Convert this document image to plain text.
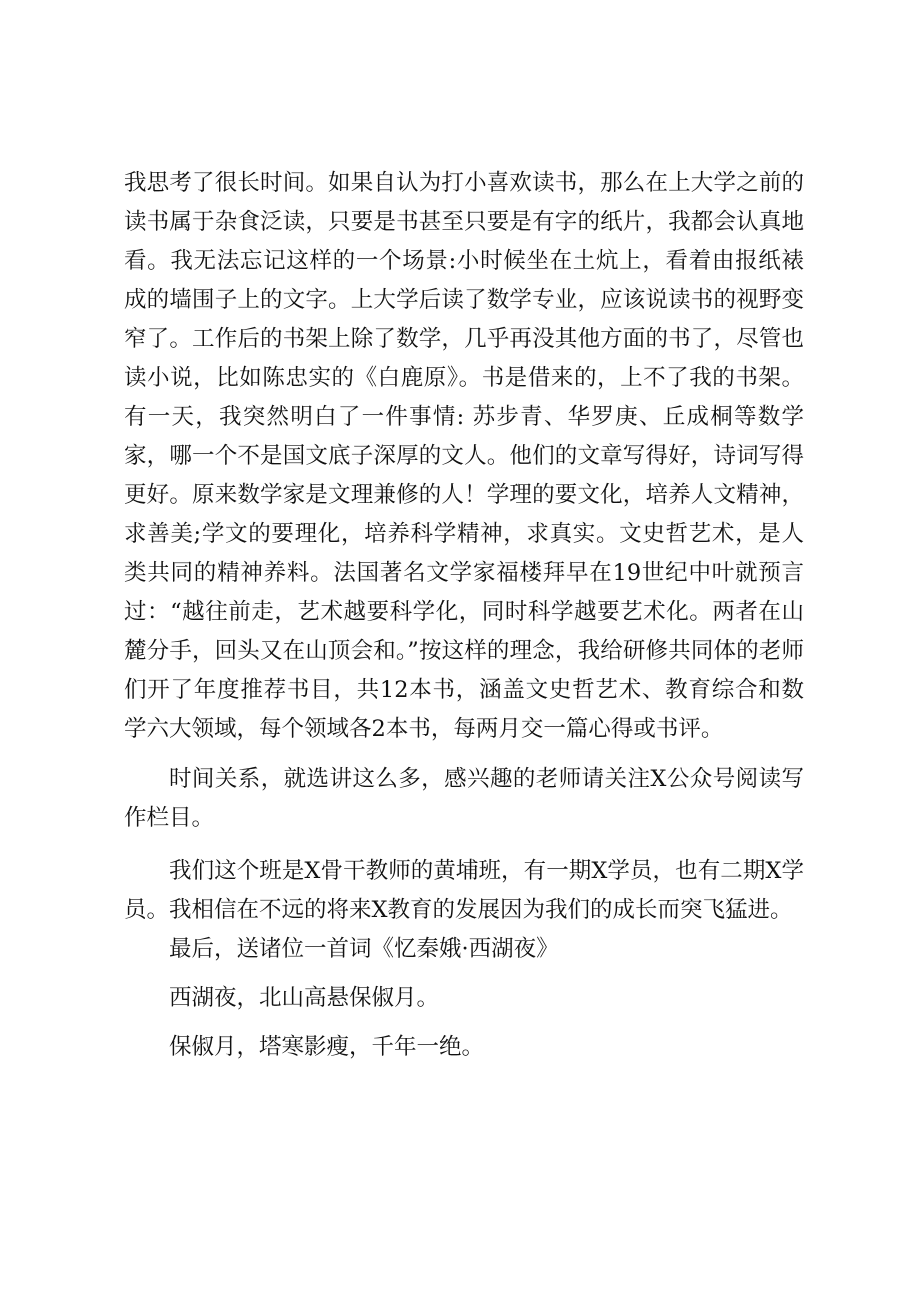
我思考了很长时间。如果自认为打小喜欢读书，那么在上大学之前的读书属于杂食泛读，只要是书甚至只要是有字的纸片，我都会认真地看。我无法忘记这样的一个场景:小时候坐在土炕上，看着由报纸裱成的墙围子上的文字。上大学后读了数学专业，应该说读书的视野变窄了。工作后的书架上除了数学，几乎再没其他方面的书了，尽管也读小说，比如陈忠实的《白鹿原》。书是借来的，上不了我的书架。有一天，我突然明白了一件事情: 苏步青、华罗庚、丘成桐等数学家，哪一个不是国文底子深厚的文人。他们的文章写得好，诗词写得更好。原来数学家是文理兼修的人！学理的要文化，培养人文精神，求善美;学文的要理化，培养科学精神，求真实。文史哲艺术，是人类共同的精神养料。法国著名文学家福楼拜早在19世纪中叶就预言过：“越往前走，艺术越要科学化，同时科学越要艺术化。两者在山麓分手，回头又在山顶会和。”按这样的理念，我给研修共同体的老师们开了年度推荐书目，共12本书，涵盖文史哲艺术、教育综合和数学六大领域，每个领域各2本书，每两月交一篇心得或书评。

时间关系，就选讲这么多，感兴趣的老师请关注X公众号阅读写作栏目。

我们这个班是X骨干教师的黄埔班，有一期X学员，也有二期X学员。我相信在不远的将来X教育的发展因为我们的成长而突飞猛进。

最后，送诸位一首词《忆秦娥·西湖夜》

西湖夜，北山高悬保俶月。

保俶月，塔寒影瘦，千年一绝。
